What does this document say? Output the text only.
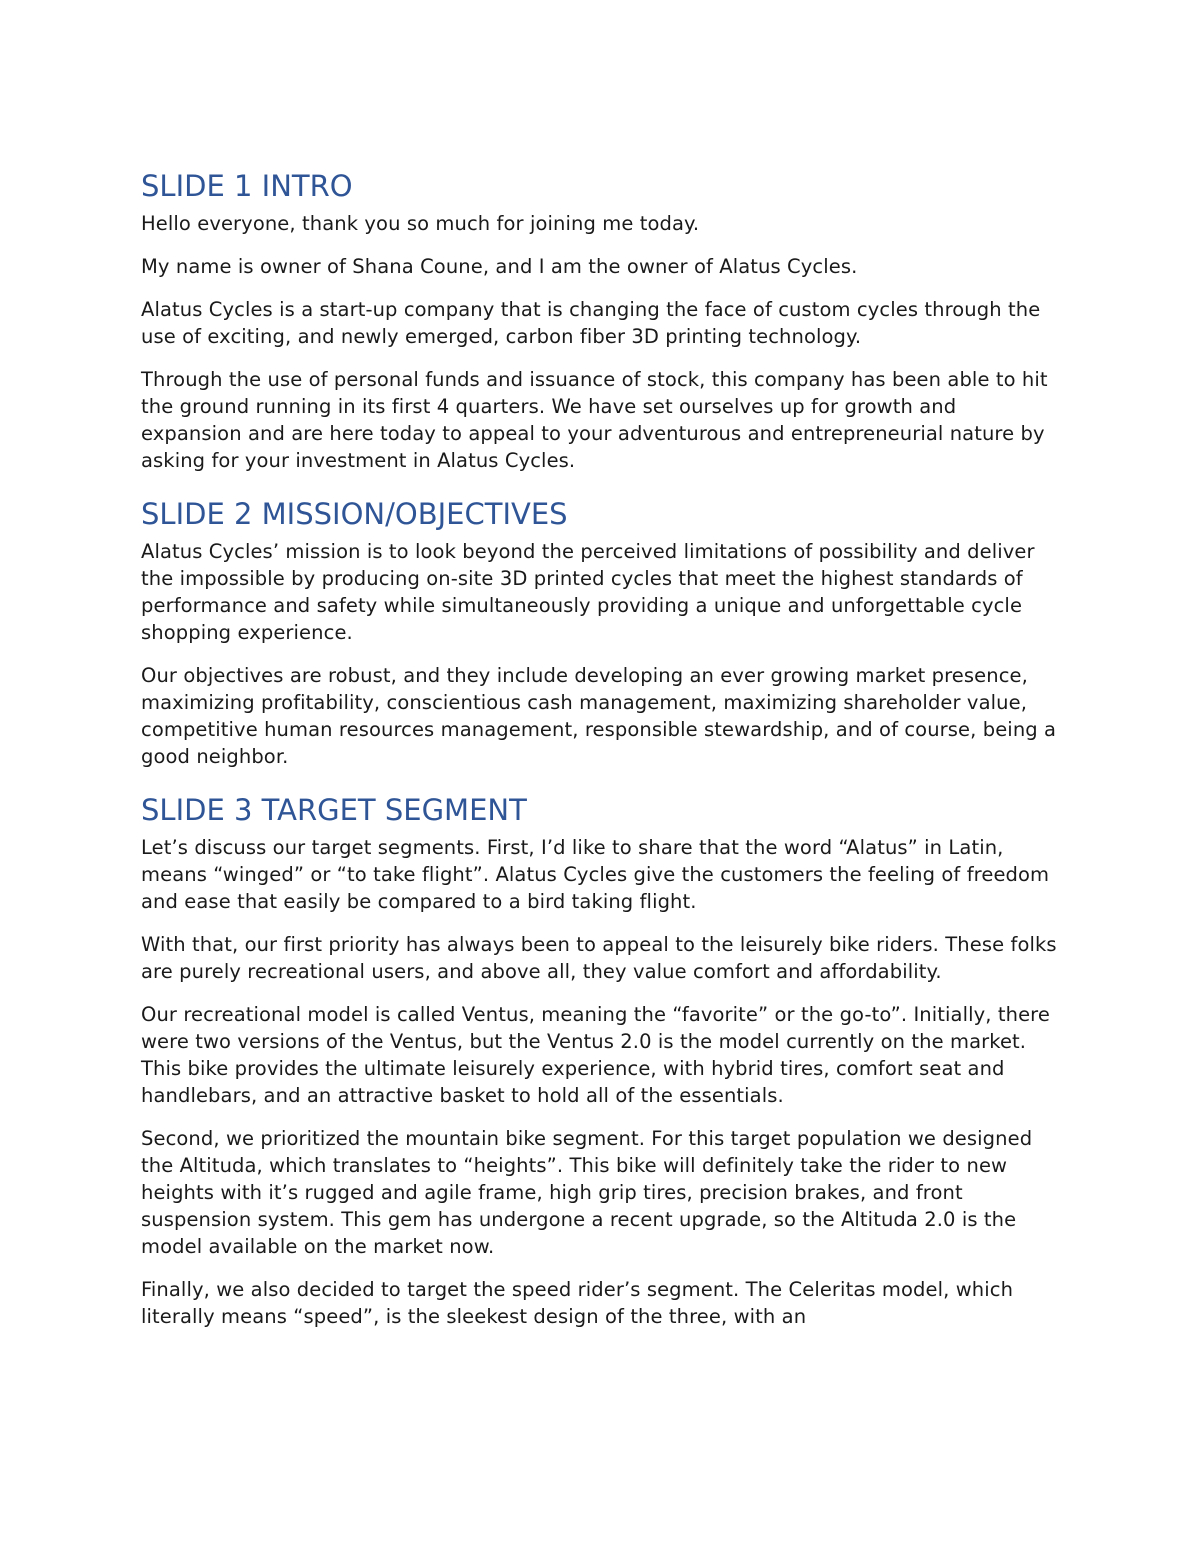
SLIDE 1 INTRO

Hello everyone, thank you so much for joining me today.

My name is owner of Shana Coune, and I am the owner of Alatus Cycles.

Alatus Cycles is a start-up company that is changing the face of custom cycles through the use of exciting, and newly emerged, carbon fiber 3D printing technology.

Through the use of personal funds and issuance of stock, this company has been able to hit the ground running in its first 4 quarters. We have set ourselves up for growth and expansion and are here today to appeal to your adventurous and entrepreneurial nature by asking for your investment in Alatus Cycles.

SLIDE 2 MISSION/OBJECTIVES

Alatus Cycles’ mission is to look beyond the perceived limitations of possibility and deliver the impossible by producing on-site 3D printed cycles that meet the highest standards of performance and safety while simultaneously providing a unique and unforgettable cycle shopping experience.

Our objectives are robust, and they include developing an ever growing market presence, maximizing profitability, conscientious cash management, maximizing shareholder value, competitive human resources management, responsible stewardship, and of course, being a good neighbor.

SLIDE 3 TARGET SEGMENT

Let’s discuss our target segments. First, I’d like to share that the word “Alatus” in Latin, means “winged” or “to take flight”. Alatus Cycles give the customers the feeling of freedom and ease that easily be compared to a bird taking flight.

With that, our first priority has always been to appeal to the leisurely bike riders. These folks are purely recreational users, and above all, they value comfort and affordability.

Our recreational model is called Ventus, meaning the “favorite” or the go-to”. Initially, there were two versions of the Ventus, but the Ventus 2.0 is the model currently on the market. This bike provides the ultimate leisurely experience, with hybrid tires, comfort seat and handlebars, and an attractive basket to hold all of the essentials.

Second, we prioritized the mountain bike segment. For this target population we designed the Altituda, which translates to “heights”. This bike will definitely take the rider to new heights with it’s rugged and agile frame, high grip tires, precision brakes, and front suspension system. This gem has undergone a recent upgrade, so the Altituda 2.0 is the model available on the market now.

Finally, we also decided to target the speed rider’s segment. The Celeritas model, which literally means “speed”, is the sleekest design of the three, with an
